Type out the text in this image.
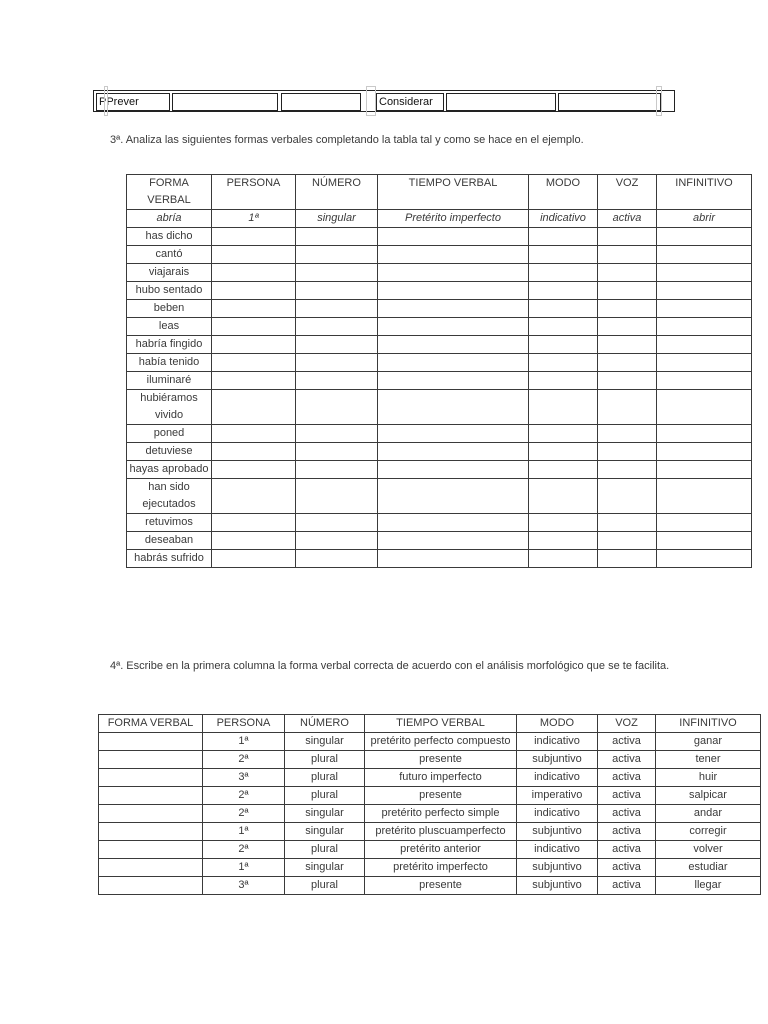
PPrever	Considerar
3ª. Analiza las siguientes formas verbales completando la tabla tal y como se hace en el ejemplo.
FORMA VERBAL	PERSONA	NÚMERO	TIEMPO VERBAL	MODO	VOZ	INFINITIVO
abría	1ª	singular	Pretérito imperfecto	indicativo	activa	abrir
has dicho						
cantó						
viajarais						
hubo sentado						
beben						
leas						
habría fingido						
había tenido						
iluminaré						
hubiéramos vivido						
poned						
detuviese						
hayas aprobado						
han sido ejecutados						
retuvimos						
deseaban						
habrás sufrido						
4ª. Escribe en la primera columna la forma verbal correcta de acuerdo con el análisis morfológico que se te facilita.
FORMA VERBAL	PERSONA	NÚMERO	TIEMPO VERBAL	MODO	VOZ	INFINITIVO
	1ª	singular	pretérito perfecto compuesto	indicativo	activa	ganar
	2ª	plural	presente	subjuntivo	activa	tener
	3ª	plural	futuro imperfecto	indicativo	activa	huir
	2ª	plural	presente	imperativo	activa	salpicar
	2ª	singular	pretérito perfecto simple	indicativo	activa	andar
	1ª	singular	pretérito pluscuamperfecto	subjuntivo	activa	corregir
	2ª	plural	pretérito anterior	indicativo	activa	volver
	1ª	singular	pretérito imperfecto	subjuntivo	activa	estudiar
	3ª	plural	presente	subjuntivo	activa	llegar
